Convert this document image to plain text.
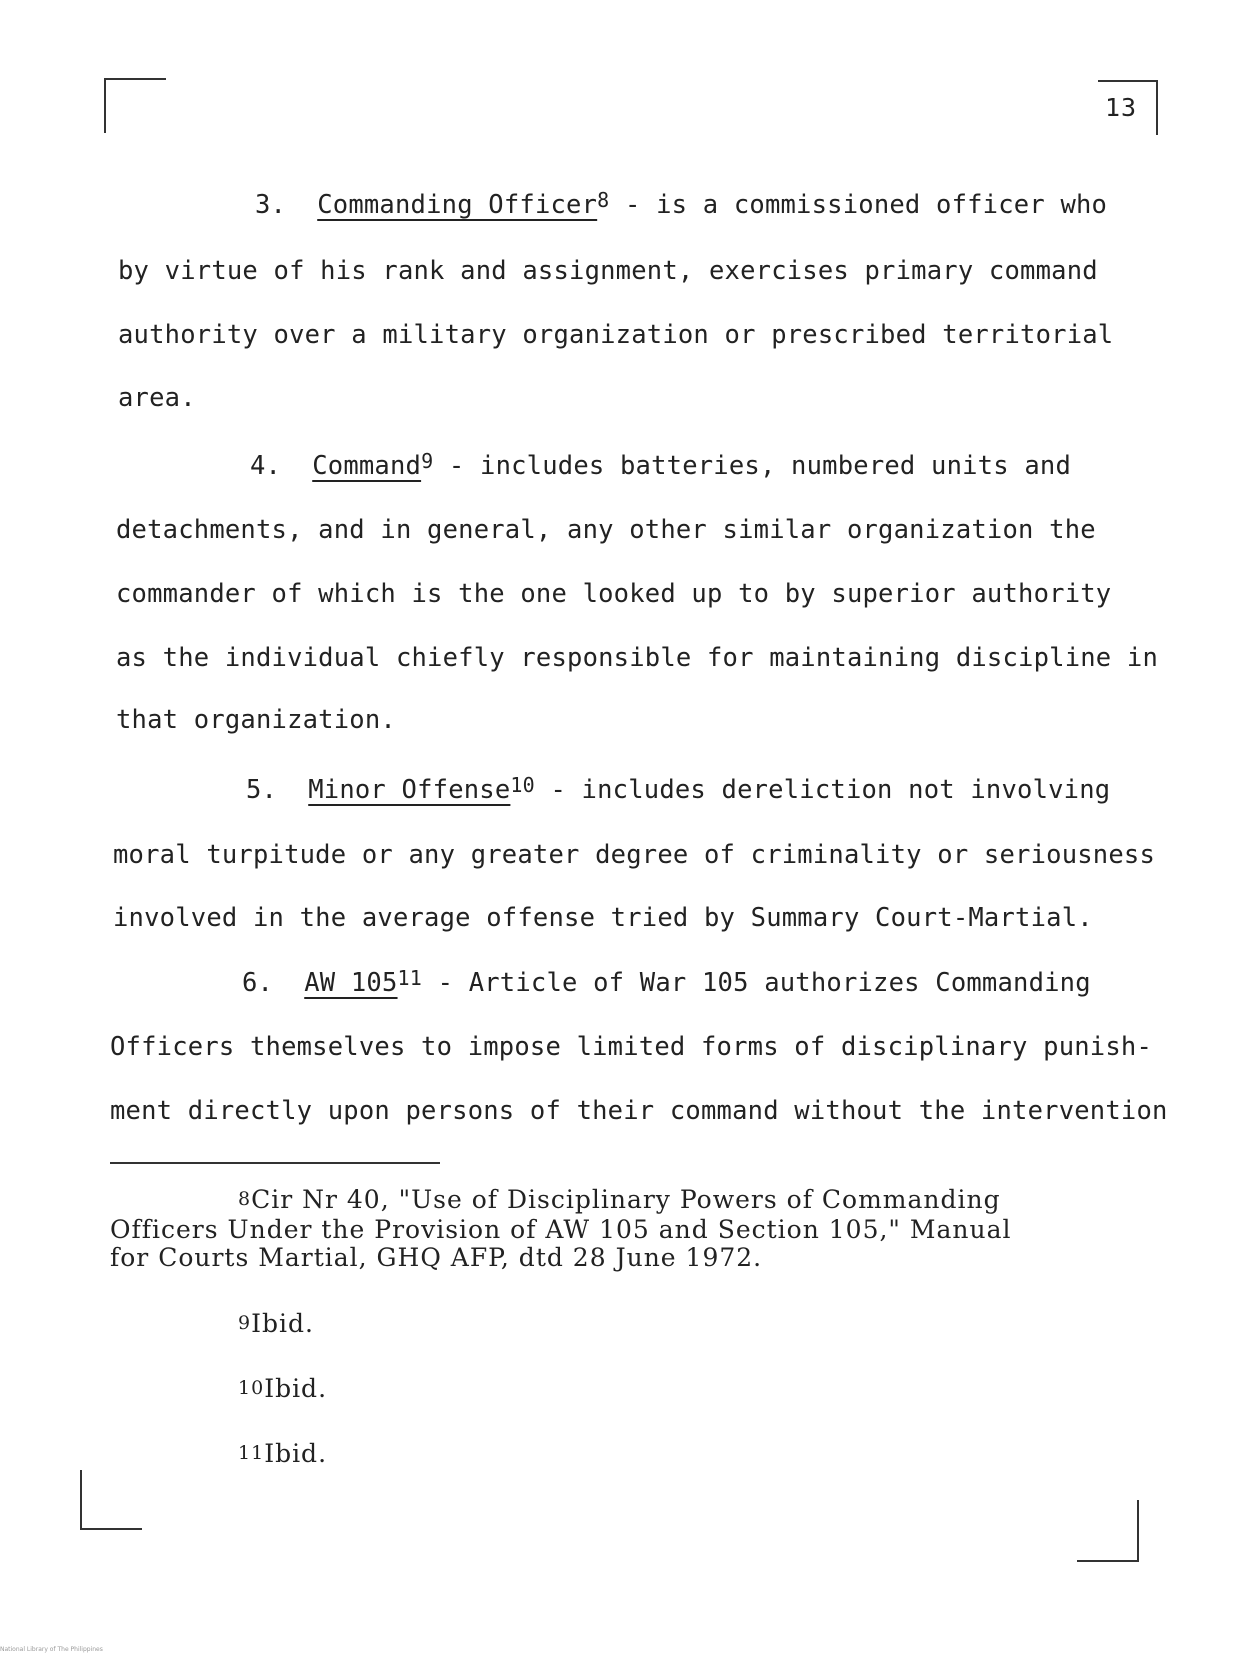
13
3. Commanding Officer$^8$ - is a commissioned officer who
by virtue of his rank and assignment, exercises primary command
authority over a military organization or prescribed territorial
area.
4. Command$^9$ - includes batteries, numbered units and
detachments, and in general, any other similar organization the
commander of which is the one looked up to by superior authority
as the individual chiefly responsible for maintaining discipline in
that organization.
5. Minor Offense$^{10}$ - includes dereliction not involving
moral turpitude or any greater degree of criminality or seriousness
involved in the average offense tried by Summary Court-Martial.
6. AW $105^{11}$ - Article of War 105 authorizes Commanding
Officers themselves to impose limited forms of disciplinary punish-
ment directly upon persons of their command without the intervention
$^8$Cir Nr 40, "Use of Disciplinary Powers of Commanding
Officers Under the Provision of AW 105 and Section 105," Manual
for Courts Martial, GHQ AFP, dtd 28 June 1972.
$^9$Ibid.
$^{10}$Ibid.
$^{11}$Ibid.
National Library of The Philippines
